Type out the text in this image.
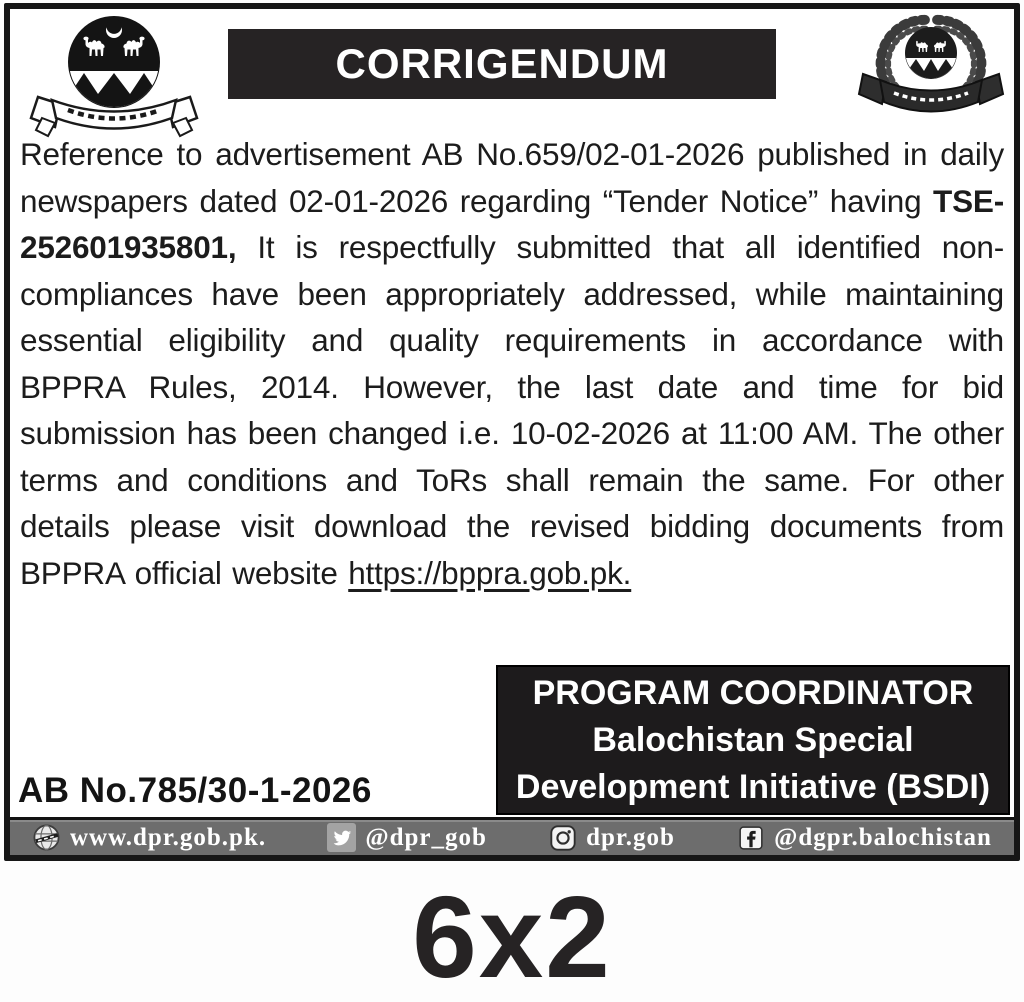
CORRIGENDUM

Reference to advertisement AB No.659/02-01-2026 published in daily newspapers dated 02-01-2026 regarding “Tender Notice” having TSE-252601935801, It is respectfully submitted that all identified non-compliances have been appropriately addressed, while maintaining essential eligibility and quality requirements in accordance with BPPRA Rules, 2014. However, the last date and time for bid submission has been changed i.e. 10-02-2026 at 11:00 AM. The other terms and conditions and ToRs shall remain the same. For other details please visit download the revised bidding documents from BPPRA official website https://bppra.gob.pk.

AB No.785/30-1-2026
PROGRAM COORDINATOR
Balochistan Special
Development Initiative (BSDI)
www.dpr.gob.pk.	@dpr_gob	dpr.gob	@dgpr.balochistan
6x2
